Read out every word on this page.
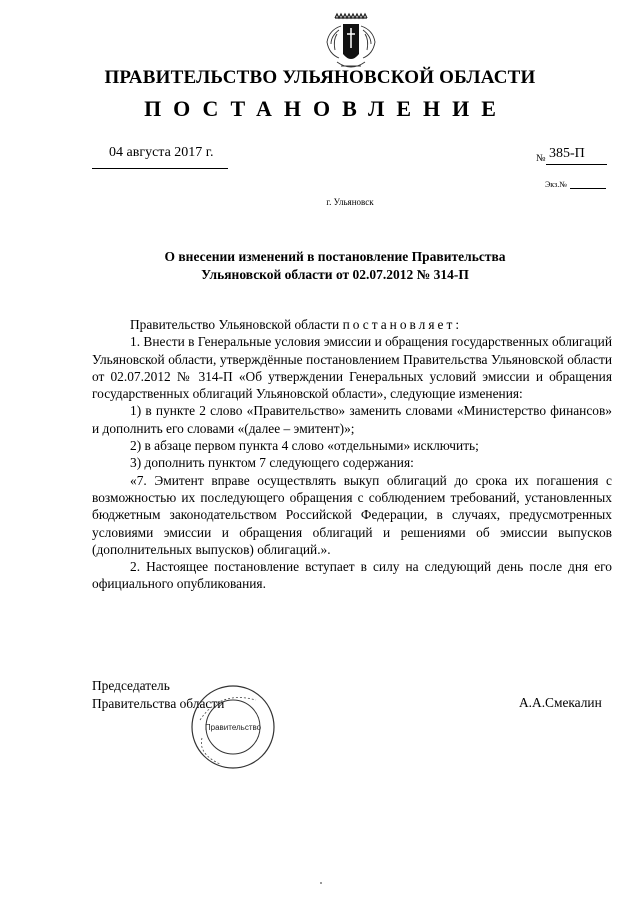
ПРАВИТЕЛЬСТВО УЛЬЯНОВСКОЙ ОБЛАСТИ
ПОСТАНОВЛЕНИЕ
04 августа 2017 г.	№ 385-П
Экз.№
г. Ульяновск
О внесении изменений в постановление Правительства
Ульяновской области от 02.07.2012 № 314-П

Правительство Ульяновской области постановляет:

1. Внести в Генеральные условия эмиссии и обращения государственных облигаций Ульяновской области, утверждённые постановлением Правительства Ульяновской области от 02.07.2012 № 314-П «Об утверждении Генеральных условий эмиссии и обращения государственных облигаций Ульяновской области», следующие изменения:

1) в пункте 2 слово «Правительство» заменить словами «Министерство финансов» и дополнить его словами «(далее – эмитент)»;

2) в абзаце первом пункта 4 слово «отдельными» исключить;

3) дополнить пунктом 7 следующего содержания:

«7. Эмитент вправе осуществлять выкуп облигаций до срока их погашения с возможностью их последующего обращения с соблюдением требований, установленных бюджетным законодательством Российской Федерации, в случаях, предусмотренных условиями эмиссии и обращения облигаций и решениями об эмиссии выпусков (дополнительных выпусков) облигаций.».

2. Настоящее постановление вступает в силу на следующий день после дня его официального опубликования.

Председатель
Правительства области
Правительство
А.А.Смекалин
